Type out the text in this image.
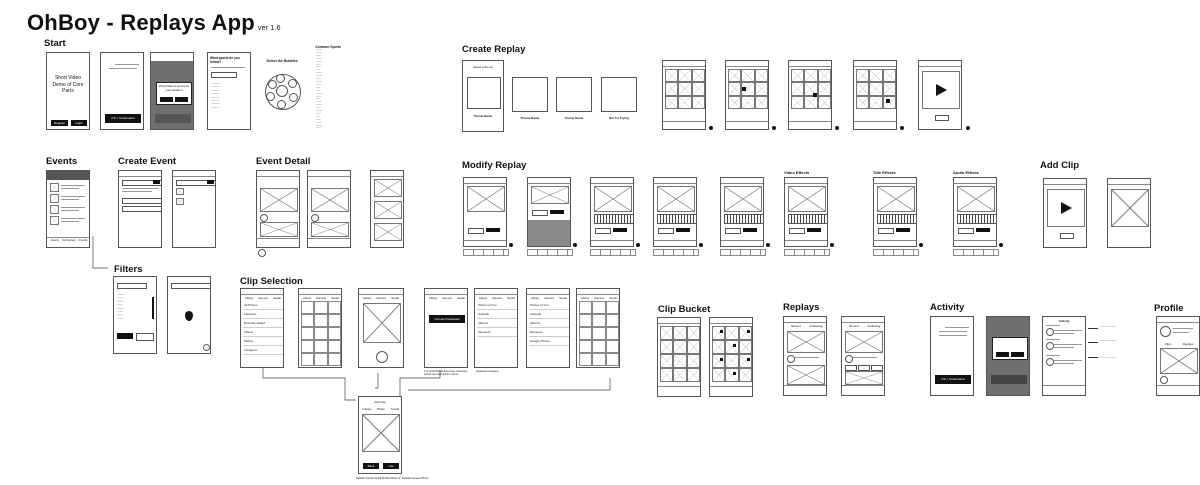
OhBoy - Replays App ver 1.6
Start
Create Replay
Events	Create Event	Event Detail	Modify Replay	Add Clip
Filters
Clip Selection
Clip Bucket	Replays	Activity	Profile
Video Effects	Title Effects	Audio Effects
Short Video Demo of Core Parts
Register	Login
OK, I Understand
Would like to send you your location
What sports do you follow?
----------
----------
----------
----------
----------
----------
----------
----------
Select the Bubbles
Common Sports
-------
--------
------
-------
--------
------
-------
-----
--------
-------
------
--------
-------
-----
------
--------
-------
------
-------
-------
------
--------
-------
-----
------
-------
--------
------
Select a theme
Theme Name	Theme Name	Theme Name	Not for Trying
Events	My Replays	Friends
--------
-------
--------
------
--------
-------
------
--------
Library	Camera	Social
All Photos
Favorites
Recently Added
Videos
Selfies
Instagram
Library	Camera	Social	Library	Camera	Social	Library	Camera	Social
Connect Facebook
Library	Camera	Social
Photos of You
Uploads
Albums
Moments
Library	Camera	Social
Photos of You
Uploads
Albums
Moments
Google Photos
Library	Camera	Social
Recent	Following	Recent	Following
OK, I Understand
Activity
-------- ------ -----

-------- ------ ------

-------- ------ -----
Clips	Replays
Add Clip
Library	Photo	Social
Back	Use
Default: friends Social Profile Photo; or, defaults Camera Photo
If no social friends have been connected, prompt user with option to do so.
Facebook connected
